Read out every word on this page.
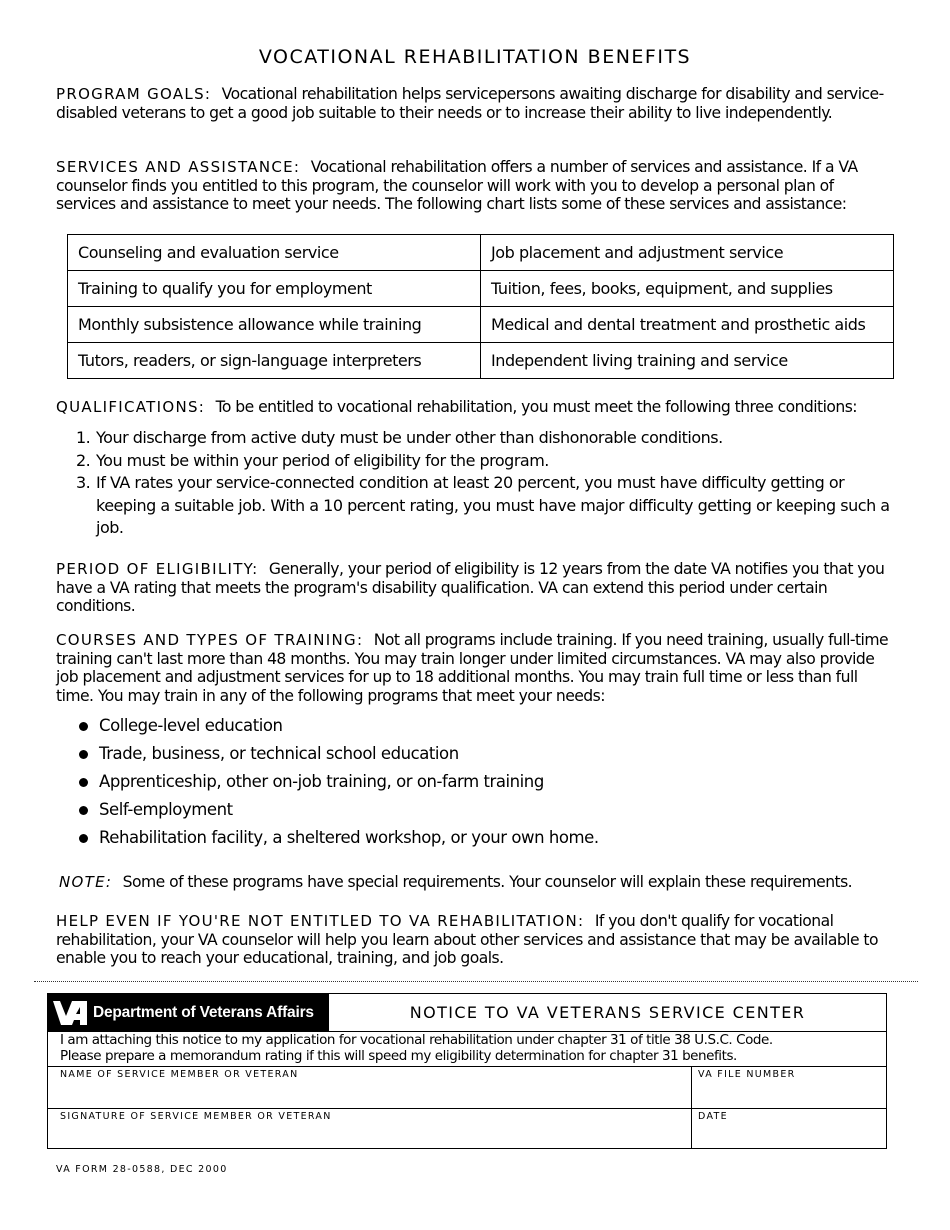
VOCATIONAL REHABILITATION BENEFITS

PROGRAM GOALS: Vocational rehabilitation helps servicepersons awaiting discharge for disability and service-disabled veterans to get a good job suitable to their needs or to increase their ability to live independently.

SERVICES AND ASSISTANCE: Vocational rehabilitation offers a number of services and assistance. If a VA counselor finds you entitled to this program, the counselor will work with you to develop a personal plan of services and assistance to meet your needs. The following chart lists some of these services and assistance:

Counseling and evaluation service	Job placement and adjustment service
Training to qualify you for employment	Tuition, fees, books, equipment, and supplies
Monthly subsistence allowance while training	Medical and dental treatment and prosthetic aids
Tutors, readers, or sign-language interpreters	Independent living training and service

QUALIFICATIONS: To be entitled to vocational rehabilitation, you must meet the following three conditions:

1. Your discharge from active duty must be under other than dishonorable conditions.
2. You must be within your period of eligibility for the program.
3. If VA rates your service-connected condition at least 20 percent, you must have difficulty getting or keeping a suitable job. With a 10 percent rating, you must have major difficulty getting or keeping such a job.

PERIOD OF ELIGIBILITY: Generally, your period of eligibility is 12 years from the date VA notifies you that you have a VA rating that meets the program's disability qualification. VA can extend this period under certain conditions.

COURSES AND TYPES OF TRAINING: Not all programs include training. If you need training, usually full-time training can't last more than 48 months. You may train longer under limited circumstances. VA may also provide job placement and adjustment services for up to 18 additional months. You may train full time or less than full time. You may train in any of the following programs that meet your needs:

College-level education
Trade, business, or technical school education
Apprenticeship, other on-job training, or on-farm training
Self-employment
Rehabilitation facility, a sheltered workshop, or your own home.

NOTE: Some of these programs have special requirements. Your counselor will explain these requirements.

HELP EVEN IF YOU'RE NOT ENTITLED TO VA REHABILITATION: If you don't qualify for vocational rehabilitation, your VA counselor will help you learn about other services and assistance that may be available to enable you to reach your educational, training, and job goals.

Department of Veterans Affairs	NOTICE TO VA VETERANS SERVICE CENTER
I am attaching this notice to my application for vocational rehabilitation under chapter 31 of title 38 U.S.C. Code.
Please prepare a memorandum rating if this will speed my eligibility determination for chapter 31 benefits.
NAME OF SERVICE MEMBER OR VETERAN	VA FILE NUMBER
SIGNATURE OF SERVICE MEMBER OR VETERAN	DATE
VA FORM 28-0588, DEC 2000
